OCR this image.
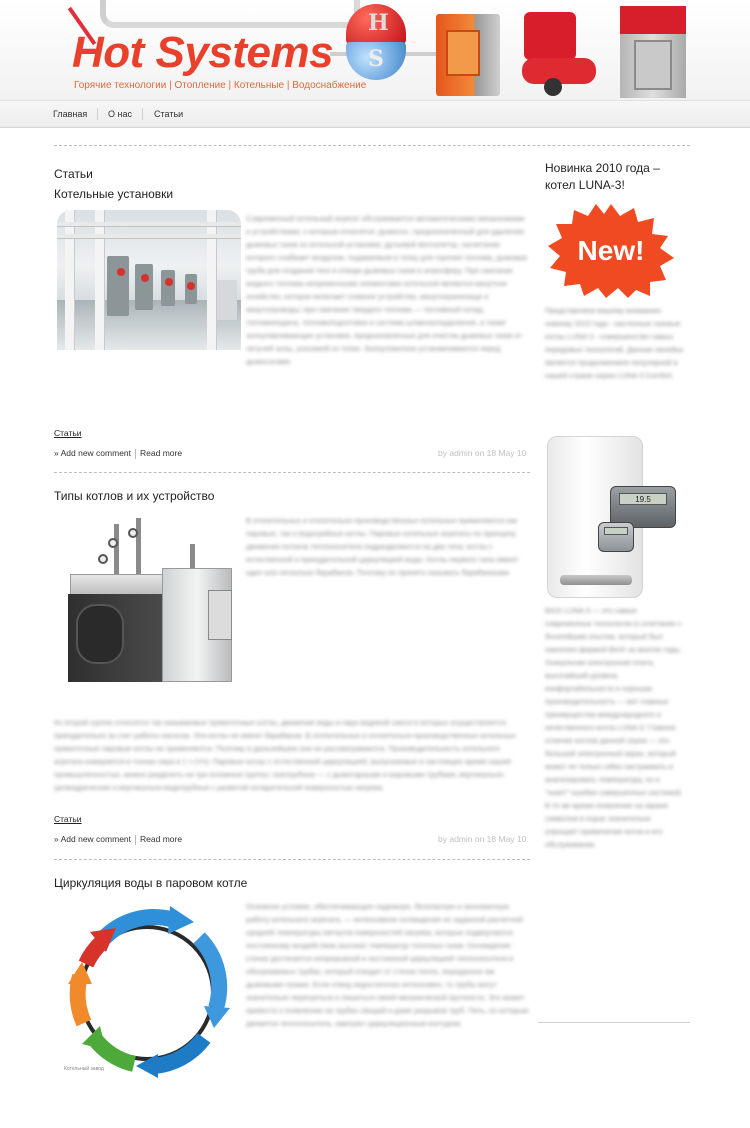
Hot Systems
Горячие технологии | Отопление | Котельные | Водоснабжение
H
S
Главная О нас Статьи
Статьи
Котельные установки
Современный котельный агрегат обслуживается автоматическими механизмами и устройствами, к которым относятся: дымосос, предназначенный для удаления дымовых газов из котельной установки, дутьевой вентилятор, нагнетание которого снабжает воздухом, подаваемым в топку для горения топлива, дымовая труба для создания тяги и отвода дымовых газов в атмосферу. При сжигании жидкого топлива непременными элементами котельной являются мазутное хозяйство, которое включает сливное устройство, мазутохранилище и мазутопроводы; при сжигании твердого топлива — топливный склад, топливоподача, топливоподготовка и система шлакозолоудаления, а также золоулавливающие установки, предназначенные для очистки дымовых газов от летучей золы, уносимой из топки. Золоуловители устанавливаются перед дымососами.
Статьи
» Add new comment Read more	by admin on 18 May 10
Типы котлов и их устройство
В отопительных и отопительно-производственных котельных применяются как паровые, так и водогрейные котлы. Паровые котельные агрегаты по принципу движения потоков теплоносителя подразделяются на два типа: котлы с естественной и принудительной циркуляцией воды. Котлы первого типа имеют один или несколько барабанов. Поэтому их принято называть барабанными.
Ко второй группе относятся так называемые прямоточные котлы, движение воды в паро-водяной смеси в которых осуществляется принудительно за счет работы насосов. Эти котлы не имеют барабанов. В отопительных и отопительно-производственных котельных прямоточные паровые котлы не применяются. Поэтому в дальнейшем они не рассматриваются. Производительность котельного агрегата измеряется в тоннах пара в 1 ч (т/ч). Паровые котлы с естественной циркуляцией, выпускаемые в настоящее время нашей промышленностью, можно разделить на три основные группы: газотрубные — с дымогарными и жаровыми трубами, вертикально-цилиндрические и вертикально-водотрубные с развитой испарительной поверхностью нагрева.
Статьи
» Add new comment Read more	by admin on 18 May 10
Циркуляция воды в паровом котле
Котельный завод
Основное условие, обеспечивающее надежную, безопасную и экономичную работу котельного агрегата, — интенсивное охлаждение их заданной расчетной средней температуры металла поверхностей нагрева, которые подвергаются постоянному воздействию высоких температур топочных газов. Охлаждение стенок достигается непрерывной и постоянной циркуляцией теплоносителя в обогреваемых трубах, который отводит от стенок тепло, переданное им дымовыми газами. Если отвод недостаточно интенсивен, то трубы могут значительно перегреться и лишиться своей механической прочности. Это может привести к появлению на трубах свищей и даже разрывов труб. Петь, по которым движется теплоноситель, именуют циркуляционным контуром.
Новинка 2010 года – котел LUNA-3!
New!
Представляем вашему вниманию новинку 2010 года - настенные газовые котлы LUNA-3 - совершенство самых передовых технологий. Данная линейка является продолжением популярной в нашей стране серии LUNA-3 Comfort.
19.5
BAXI LUNA-3 — это самые современные технологии в сочетании с богатейшим опытом, который был накоплен фирмой BAXI за многие годы. Уникальная электронная плата, высочайший уровень конфортабельности и хорошая производительность — вот главные преимущества международного и качественного котла LUNA-3. Главное отличие котлов данной серии — это большой электронный экран, который может не только гибко настраивать и анализировать температуру, но и "знает" ошибки совершенных системой. В то же время появление на экране символов в корне значительно упрощает применение котла и его обслуживание.
